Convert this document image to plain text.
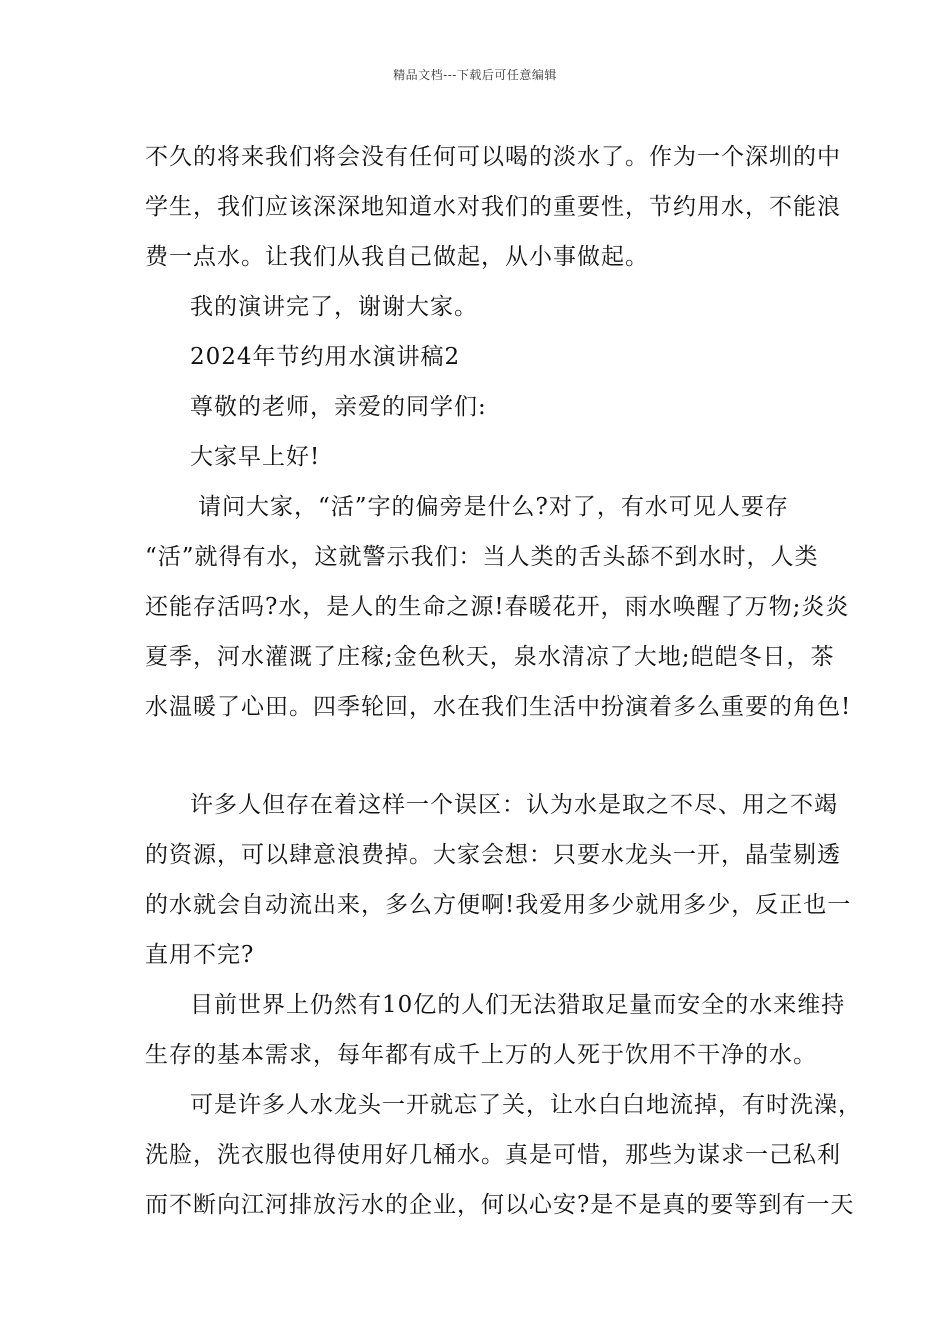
精品文档---下载后可任意编辑
不久的将来我们将会没有任何可以喝的淡水了。作为一个深圳的中
学生，我们应该深深地知道水对我们的重要性，节约用水，不能浪
费一点水。让我们从我自己做起，从小事做起。
我的演讲完了，谢谢大家。
2024年节约用水演讲稿2
尊敬的老师，亲爱的同学们:
大家早上好!
请问大家，“活”字的偏旁是什么?对了，有水可见人要存
“活”就得有水，这就警示我们：当人类的舌头舔不到水时，人类
还能存活吗?水，是人的生命之源!春暖花开，雨水唤醒了万物;炎炎
夏季，河水灌溉了庄稼;金色秋天，泉水清凉了大地;皑皑冬日，茶
水温暖了心田。四季轮回，水在我们生活中扮演着多么重要的角色!
许多人但存在着这样一个误区：认为水是取之不尽、用之不竭
的资源，可以肆意浪费掉。大家会想：只要水龙头一开，晶莹剔透
的水就会自动流出来，多么方便啊!我爱用多少就用多少，反正也一
直用不完?
目前世界上仍然有10亿的人们无法猎取足量而安全的水来维持
生存的基本需求，每年都有成千上万的人死于饮用不干净的水。
可是许多人水龙头一开就忘了关，让水白白地流掉，有时洗澡，
洗脸，洗衣服也得使用好几桶水。真是可惜，那些为谋求一己私利
而不断向江河排放污水的企业，何以心安?是不是真的要等到有一天
